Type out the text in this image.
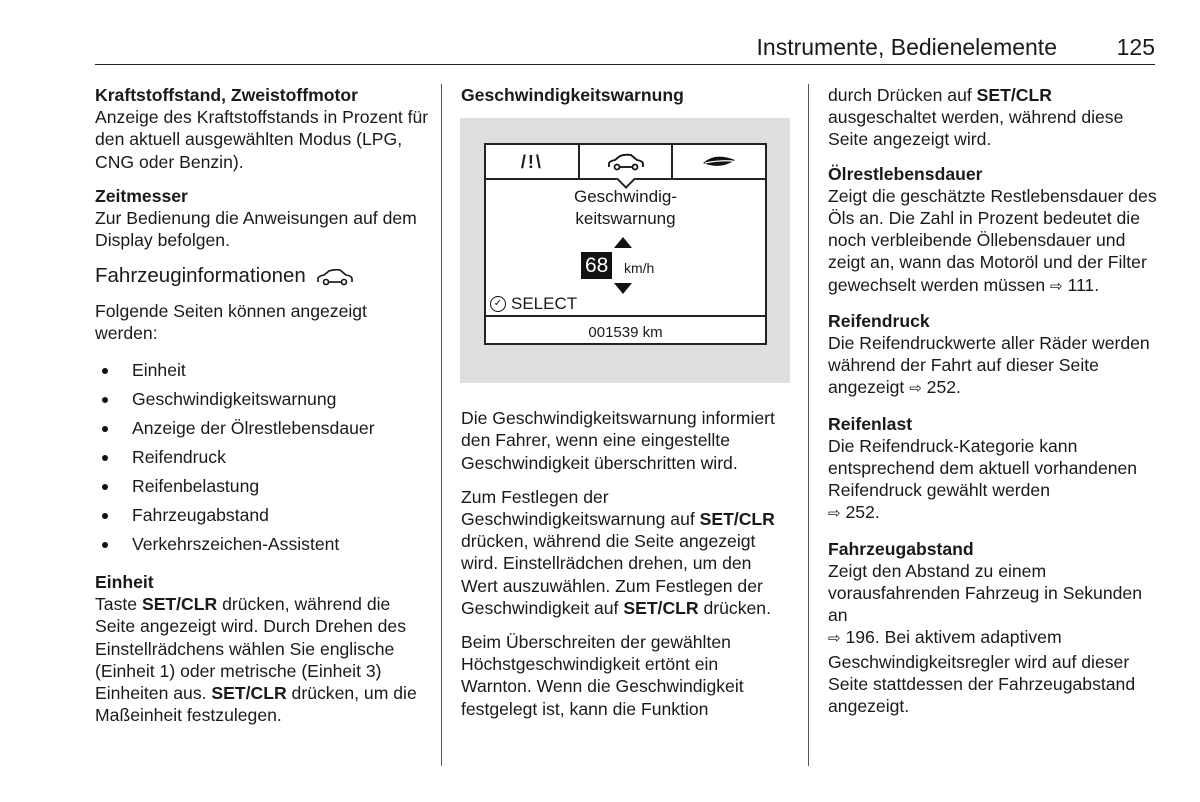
Instrumente, Bedienelemente	125
Kraftstoffstand, Zweistoffmotor
Anzeige des Kraftstoffstands in Prozent für den aktuell ausgewählten Modus (LPG, CNG oder Benzin).
Zeitmesser
Zur Bedienung die Anweisungen auf dem Display befolgen.
Fahrzeuginformationen

Folgende Seiten können angezeigt werden:

Einheit
Geschwindigkeitswarnung
Anzeige der Ölrestlebensdauer
Reifendruck
Reifenbelastung
Fahrzeugabstand
Verkehrszeichen-Assistent
Einheit
Taste SET/CLR drücken, während die Seite angezeigt wird. Durch Drehen des Einstellrädchens wählen Sie englische (Einheit 1) oder metrische (Einheit 3) Einheiten aus. SET/CLR drücken, um die Maßeinheit festzulegen.
Geschwindigkeitswarnung
/!\
Geschwindig-
keitswarnung
68 km/h
✓ SELECT
001539 km

Die Geschwindigkeitswarnung informiert den Fahrer, wenn eine eingestellte Geschwindigkeit überschritten wird.

Zum Festlegen der Geschwindigkeitswarnung auf SET/CLR drücken, während die Seite angezeigt wird. Einstellrädchen drehen, um den Wert auszuwählen. Zum Festlegen der Geschwindigkeit auf SET/CLR drücken.

Beim Überschreiten der gewählten Höchstgeschwindigkeit ertönt ein Warnton. Wenn die Geschwindigkeit festgelegt ist, kann die Funktion

durch Drücken auf SET/CLR ausgeschaltet werden, während diese Seite angezeigt wird.

Ölrestlebensdauer
Zeigt die geschätzte Restlebensdauer des Öls an. Die Zahl in Prozent bedeutet die noch verbleibende Öllebensdauer und zeigt an, wann das Motoröl und der Filter gewechselt werden müssen ⇨ 111.
Reifendruck
Die Reifendruckwerte aller Räder werden während der Fahrt auf dieser Seite angezeigt ⇨ 252.
Reifenlast
Die Reifendruck-Kategorie kann entsprechend dem aktuell vorhandenen Reifendruck gewählt werden
⇨ 252.
Fahrzeugabstand
Zeigt den Abstand zu einem vorausfahrenden Fahrzeug in Sekunden an
⇨ 196. Bei aktivem adaptivem Geschwindigkeitsregler wird auf dieser Seite stattdessen der Fahrzeugabstand angezeigt.
